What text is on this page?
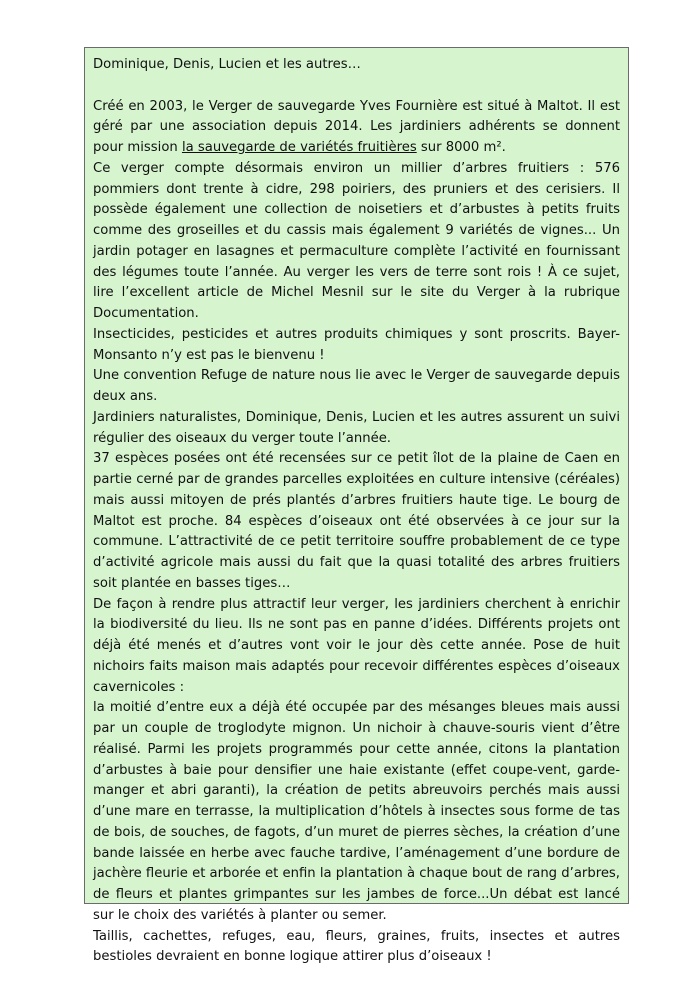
Dominique, Denis, Lucien et les autres…

Créé en 2003, le Verger de sauvegarde Yves Fournière est situé à Maltot. Il est géré par une association depuis 2014. Les jardiniers adhérents se donnent pour mission la sauvegarde de variétés fruitières sur 8000 m².

Ce verger compte désormais environ un millier d’arbres fruitiers : 576 pommiers dont trente à cidre, 298 poiriers, des pruniers et des cerisiers. Il possède également une collection de noisetiers et d’arbustes à petits fruits comme des groseilles et du cassis mais également 9 variétés de vignes... Un jardin potager en lasagnes et permaculture complète l’activité en fournissant des légumes toute l’année. Au verger les vers de terre sont rois ! À ce sujet, lire l’excellent article de Michel Mesnil sur le site du Verger à la rubrique Documentation.

Insecticides, pesticides et autres produits chimiques y sont proscrits. Bayer-Monsanto n’y est pas le bienvenu !

Une convention Refuge de nature nous lie avec le Verger de sauvegarde depuis deux ans.

Jardiniers naturalistes, Dominique, Denis, Lucien et les autres assurent un suivi régulier des oiseaux du verger toute l’année.

37 espèces posées ont été recensées sur ce petit îlot de la plaine de Caen en partie cerné par de grandes parcelles exploitées en culture intensive (céréales) mais aussi mitoyen de prés plantés d’arbres fruitiers haute tige. Le bourg de Maltot est proche. 84 espèces d’oiseaux ont été observées à ce jour sur la commune. L’attractivité de ce petit territoire souffre probablement de ce type d’activité agricole mais aussi du fait que la quasi totalité des arbres fruitiers soit plantée en basses tiges…

De façon à rendre plus attractif leur verger, les jardiniers cherchent à enrichir la biodiversité du lieu. Ils ne sont pas en panne d’idées. Différents projets ont déjà été menés et d’autres vont voir le jour dès cette année. Pose de huit nichoirs faits maison mais adaptés pour recevoir différentes espèces d’oiseaux cavernicoles :

la moitié d’entre eux a déjà été occupée par des mésanges bleues mais aussi par un couple de troglodyte mignon. Un nichoir à chauve-souris vient d’être réalisé. Parmi les projets programmés pour cette année, citons la plantation d’arbustes à baie pour densifier une haie existante (effet coupe-vent, garde-manger et abri garanti), la création de petits abreuvoirs perchés mais aussi d’une mare en terrasse, la multiplication d’hôtels à insectes sous forme de tas de bois, de souches, de fagots, d’un muret de pierres sèches, la création d’une bande laissée en herbe avec fauche tardive, l’aménagement d’une bordure de jachère fleurie et arborée et enfin la plantation à chaque bout de rang d’arbres, de fleurs et plantes grimpantes sur les jambes de force...Un débat est lancé sur le choix des variétés à planter ou semer.

Taillis, cachettes, refuges, eau, fleurs, graines, fruits, insectes et autres bestioles devraient en bonne logique attirer plus d’oiseaux !
